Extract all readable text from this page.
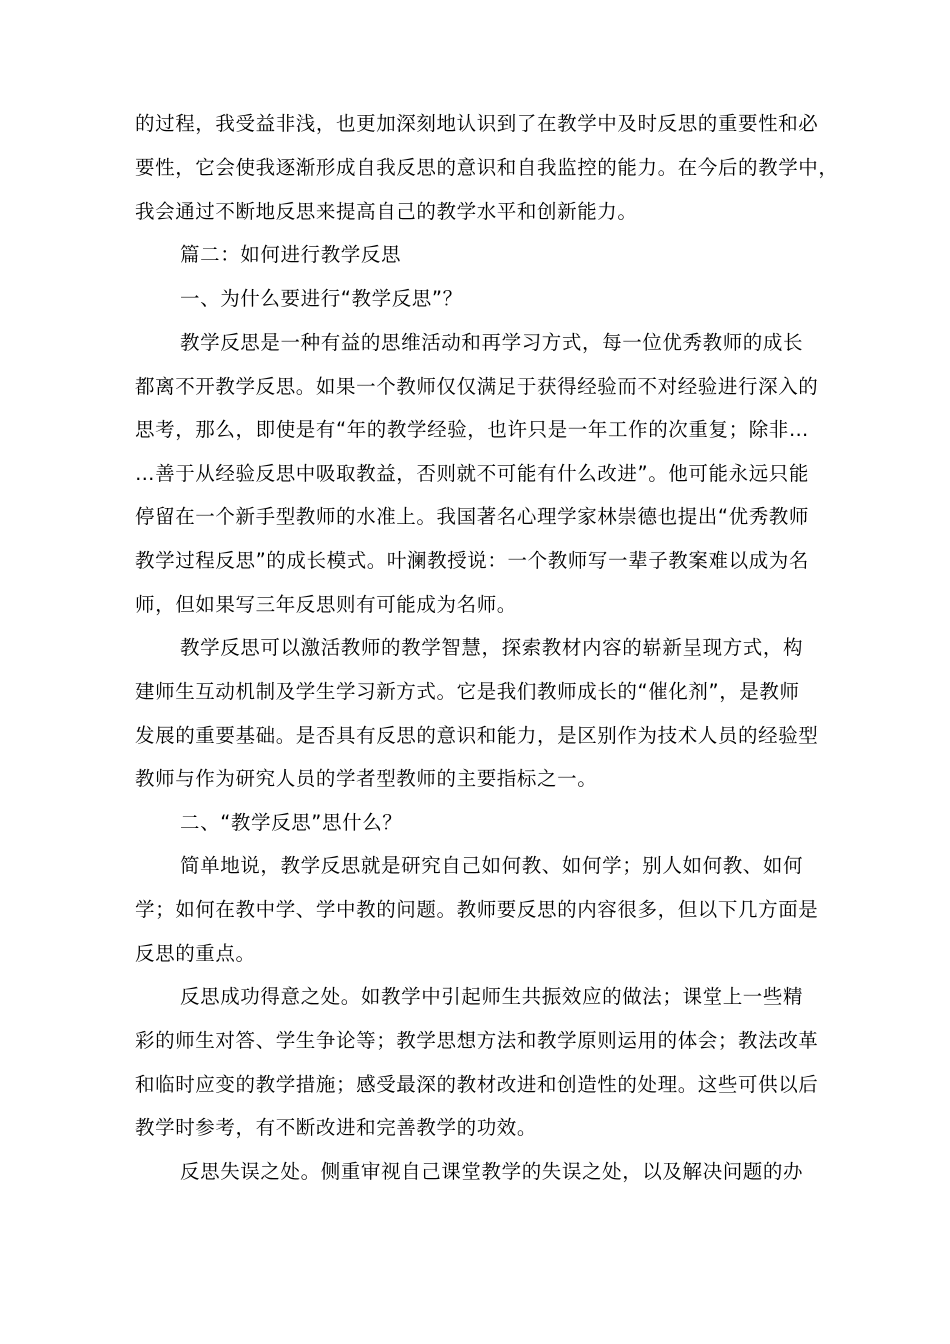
的过程，我受益非浅，也更加深刻地认识到了在教学中及时反思的重要性和必
要性，它会使我逐渐形成自我反思的意识和自我监控的能力。在今后的教学中，
我会通过不断地反思来提高自己的教学水平和创新能力。
篇二：如何进行教学反思
一、为什么要进行“教学反思”？
教学反思是一种有益的思维活动和再学习方式，每一位优秀教师的成长
都离不开教学反思。如果一个教师仅仅满足于获得经验而不对经验进行深入的
思考，那么，即使是有“年的教学经验，也许只是一年工作的次重复；除非…
…善于从经验反思中吸取教益，否则就不可能有什么改进”。他可能永远只能
停留在一个新手型教师的水准上。我国著名心理学家林崇德也提出“优秀教师
教学过程反思”的成长模式。叶澜教授说：一个教师写一辈子教案难以成为名
师，但如果写三年反思则有可能成为名师。
教学反思可以激活教师的教学智慧，探索教材内容的崭新呈现方式，构
建师生互动机制及学生学习新方式。它是我们教师成长的“催化剂”，是教师
发展的重要基础。是否具有反思的意识和能力，是区别作为技术人员的经验型
教师与作为研究人员的学者型教师的主要指标之一。
二、“教学反思”思什么？
简单地说，教学反思就是研究自己如何教、如何学；别人如何教、如何
学；如何在教中学、学中教的问题。教师要反思的内容很多，但以下几方面是
反思的重点。
反思成功得意之处。如教学中引起师生共振效应的做法；课堂上一些精
彩的师生对答、学生争论等；教学思想方法和教学原则运用的体会；教法改革
和临时应变的教学措施；感受最深的教材改进和创造性的处理。这些可供以后
教学时参考，有不断改进和完善教学的功效。
反思失误之处。侧重审视自己课堂教学的失误之处，以及解决问题的办
